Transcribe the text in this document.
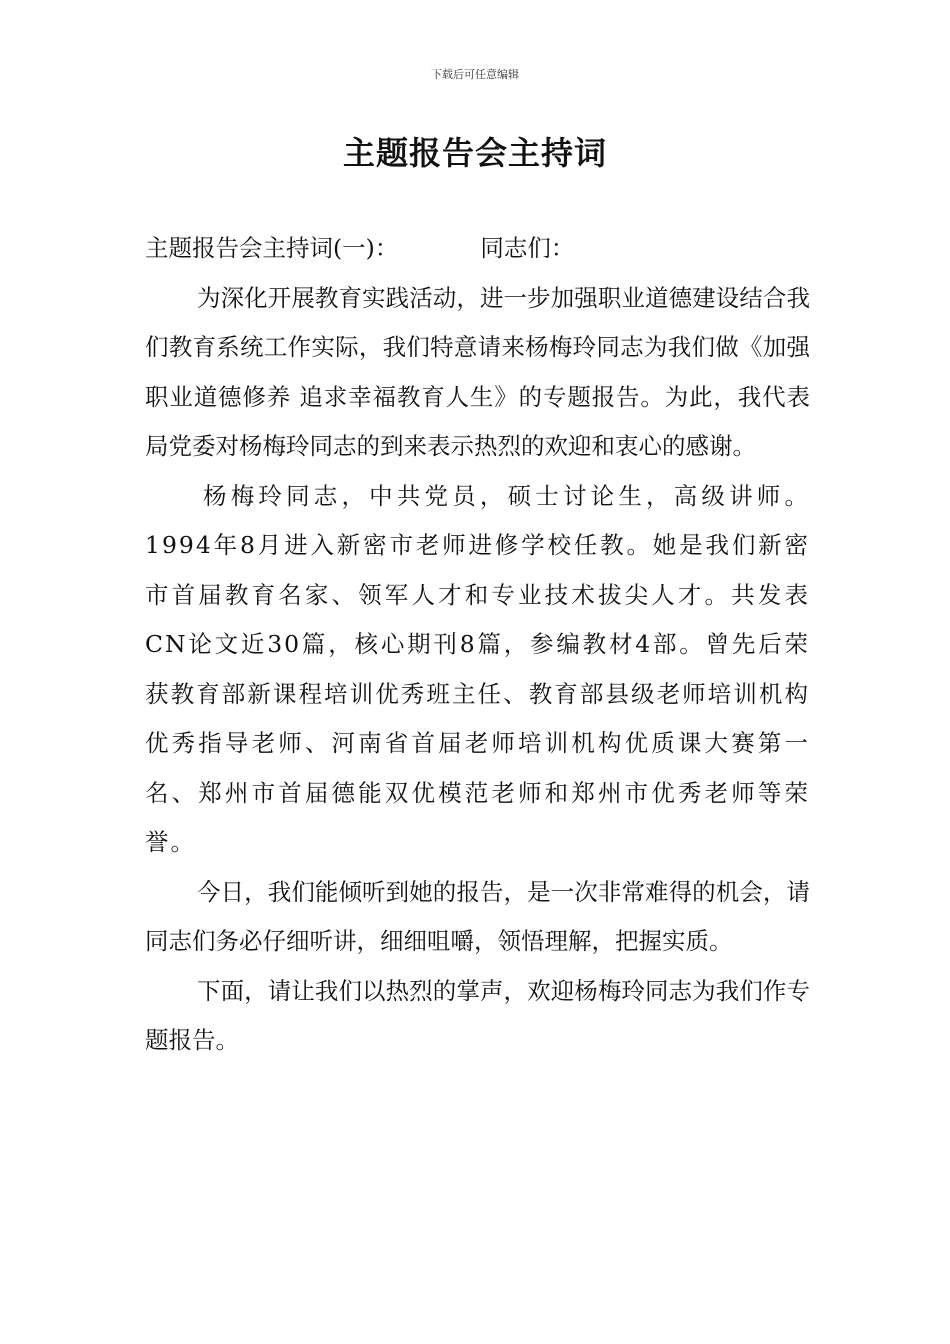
下载后可任意编辑
主题报告会主持词

主题报告会主持词(一)：	同志们：

为深化开展教育实践活动，进一步加强职业道德建设结合我们教育系统工作实际，我们特意请来杨梅玲同志为我们做《加强职业道德修养 追求幸福教育人生》的专题报告。为此，我代表局党委对杨梅玲同志的到来表示热烈的欢迎和衷心的感谢。

杨梅玲同志，中共党员，硕士讨论生，高级讲师。1994年8月进入新密市老师进修学校任教。她是我们新密市首届教育名家、领军人才和专业技术拔尖人才。共发表CN论文近30篇，核心期刊8篇，参编教材4部。曾先后荣获教育部新课程培训优秀班主任、教育部县级老师培训机构优秀指导老师、河南省首届老师培训机构优质课大赛第一名、郑州市首届德能双优模范老师和郑州市优秀老师等荣誉。

今日，我们能倾听到她的报告，是一次非常难得的机会，请同志们务必仔细听讲，细细咀嚼，领悟理解，把握实质。

下面，请让我们以热烈的掌声，欢迎杨梅玲同志为我们作专题报告。
